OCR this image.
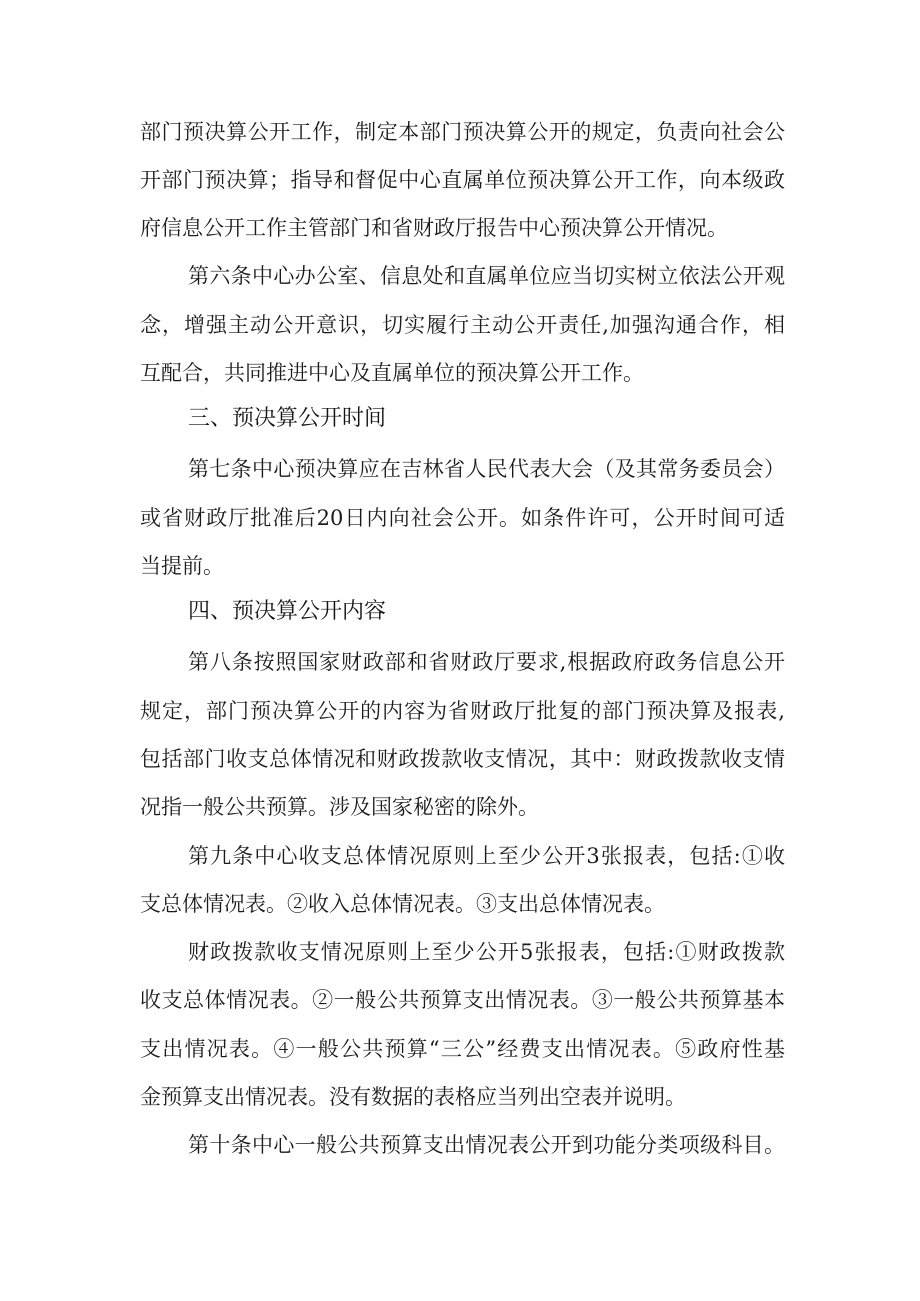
部门预决算公开工作，制定本部门预决算公开的规定，负责向社会公
开部门预决算；指导和督促中心直属单位预决算公开工作，向本级政
府信息公开工作主管部门和省财政厅报告中心预决算公开情况。
第六条中心办公室、信息处和直属单位应当切实树立依法公开观
念，增强主动公开意识，切实履行主动公开责任,加强沟通合作，相
互配合，共同推进中心及直属单位的预决算公开工作。
三、预决算公开时间
第七条中心预决算应在吉林省人民代表大会（及其常务委员会）
或省财政厅批准后20日内向社会公开。如条件许可，公开时间可适
当提前。
四、预决算公开内容
第八条按照国家财政部和省财政厅要求,根据政府政务信息公开
规定，部门预决算公开的内容为省财政厅批复的部门预决算及报表,
包括部门收支总体情况和财政拨款收支情况，其中：财政拨款收支情
况指一般公共预算。涉及国家秘密的除外。
第九条中心收支总体情况原则上至少公开3张报表，包括:①收
支总体情况表。②收入总体情况表。③支出总体情况表。
财政拨款收支情况原则上至少公开5张报表，包括:①财政拨款
收支总体情况表。②一般公共预算支出情况表。③一般公共预算基本
支出情况表。④一般公共预算“三公”经费支出情况表。⑤政府性基
金预算支出情况表。没有数据的表格应当列出空表并说明。
第十条中心一般公共预算支出情况表公开到功能分类项级科目。
